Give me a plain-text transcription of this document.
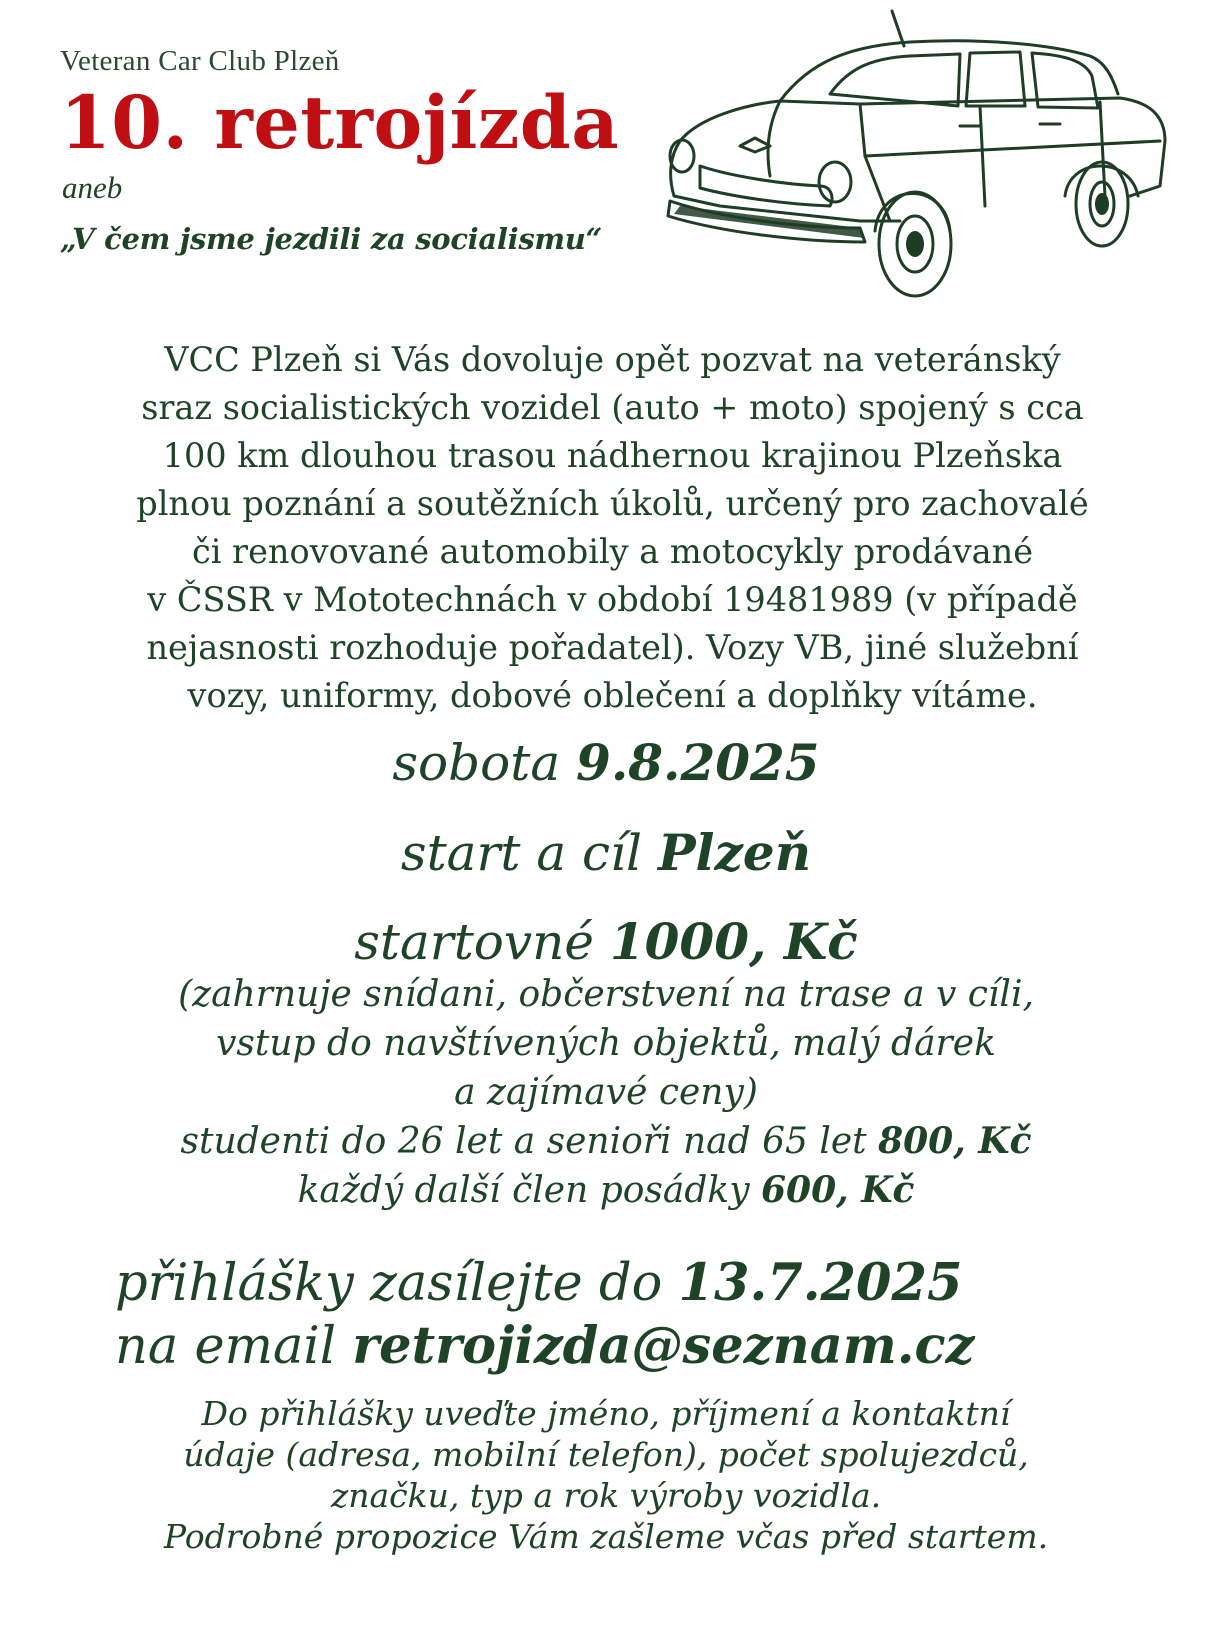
Veteran Car Club Plzeň
10. retrojízda
aneb
„V čem jsme jezdili za socialismu“
VCC Plzeň si Vás dovoluje opět pozvat na veteránský
sraz socialistických vozidel (auto + moto) spojený s cca
100 km dlouhou trasou nádhernou krajinou Plzeňska
plnou poznání a soutěžních úkolů, určený pro zachovalé
či renovované automobily a motocykly prodávané
v ČSSR v Mototechnách v období 19481989 (v případě
nejasnosti rozhoduje pořadatel). Vozy VB, jiné služební
vozy, uniformy, dobové oblečení a doplňky vítáme.
sobota 9.8.2025
start a cíl Plzeň
startovné 1000, Kč
(zahrnuje snídani, občerstvení na trase a v cíli,
vstup do navštívených objektů, malý dárek
a zajímavé ceny)
studenti do 26 let a senioři nad 65 let 800, Kč
každý další člen posádky 600, Kč
přihlášky zasílejte do 13.7.2025
na email retrojizda@seznam.cz
Do přihlášky uveďte jméno, příjmení a kontaktní
údaje (adresa, mobilní telefon), počet spolujezdců,
značku, typ a rok výroby vozidla.
Podrobné propozice Vám zašleme včas před startem.
